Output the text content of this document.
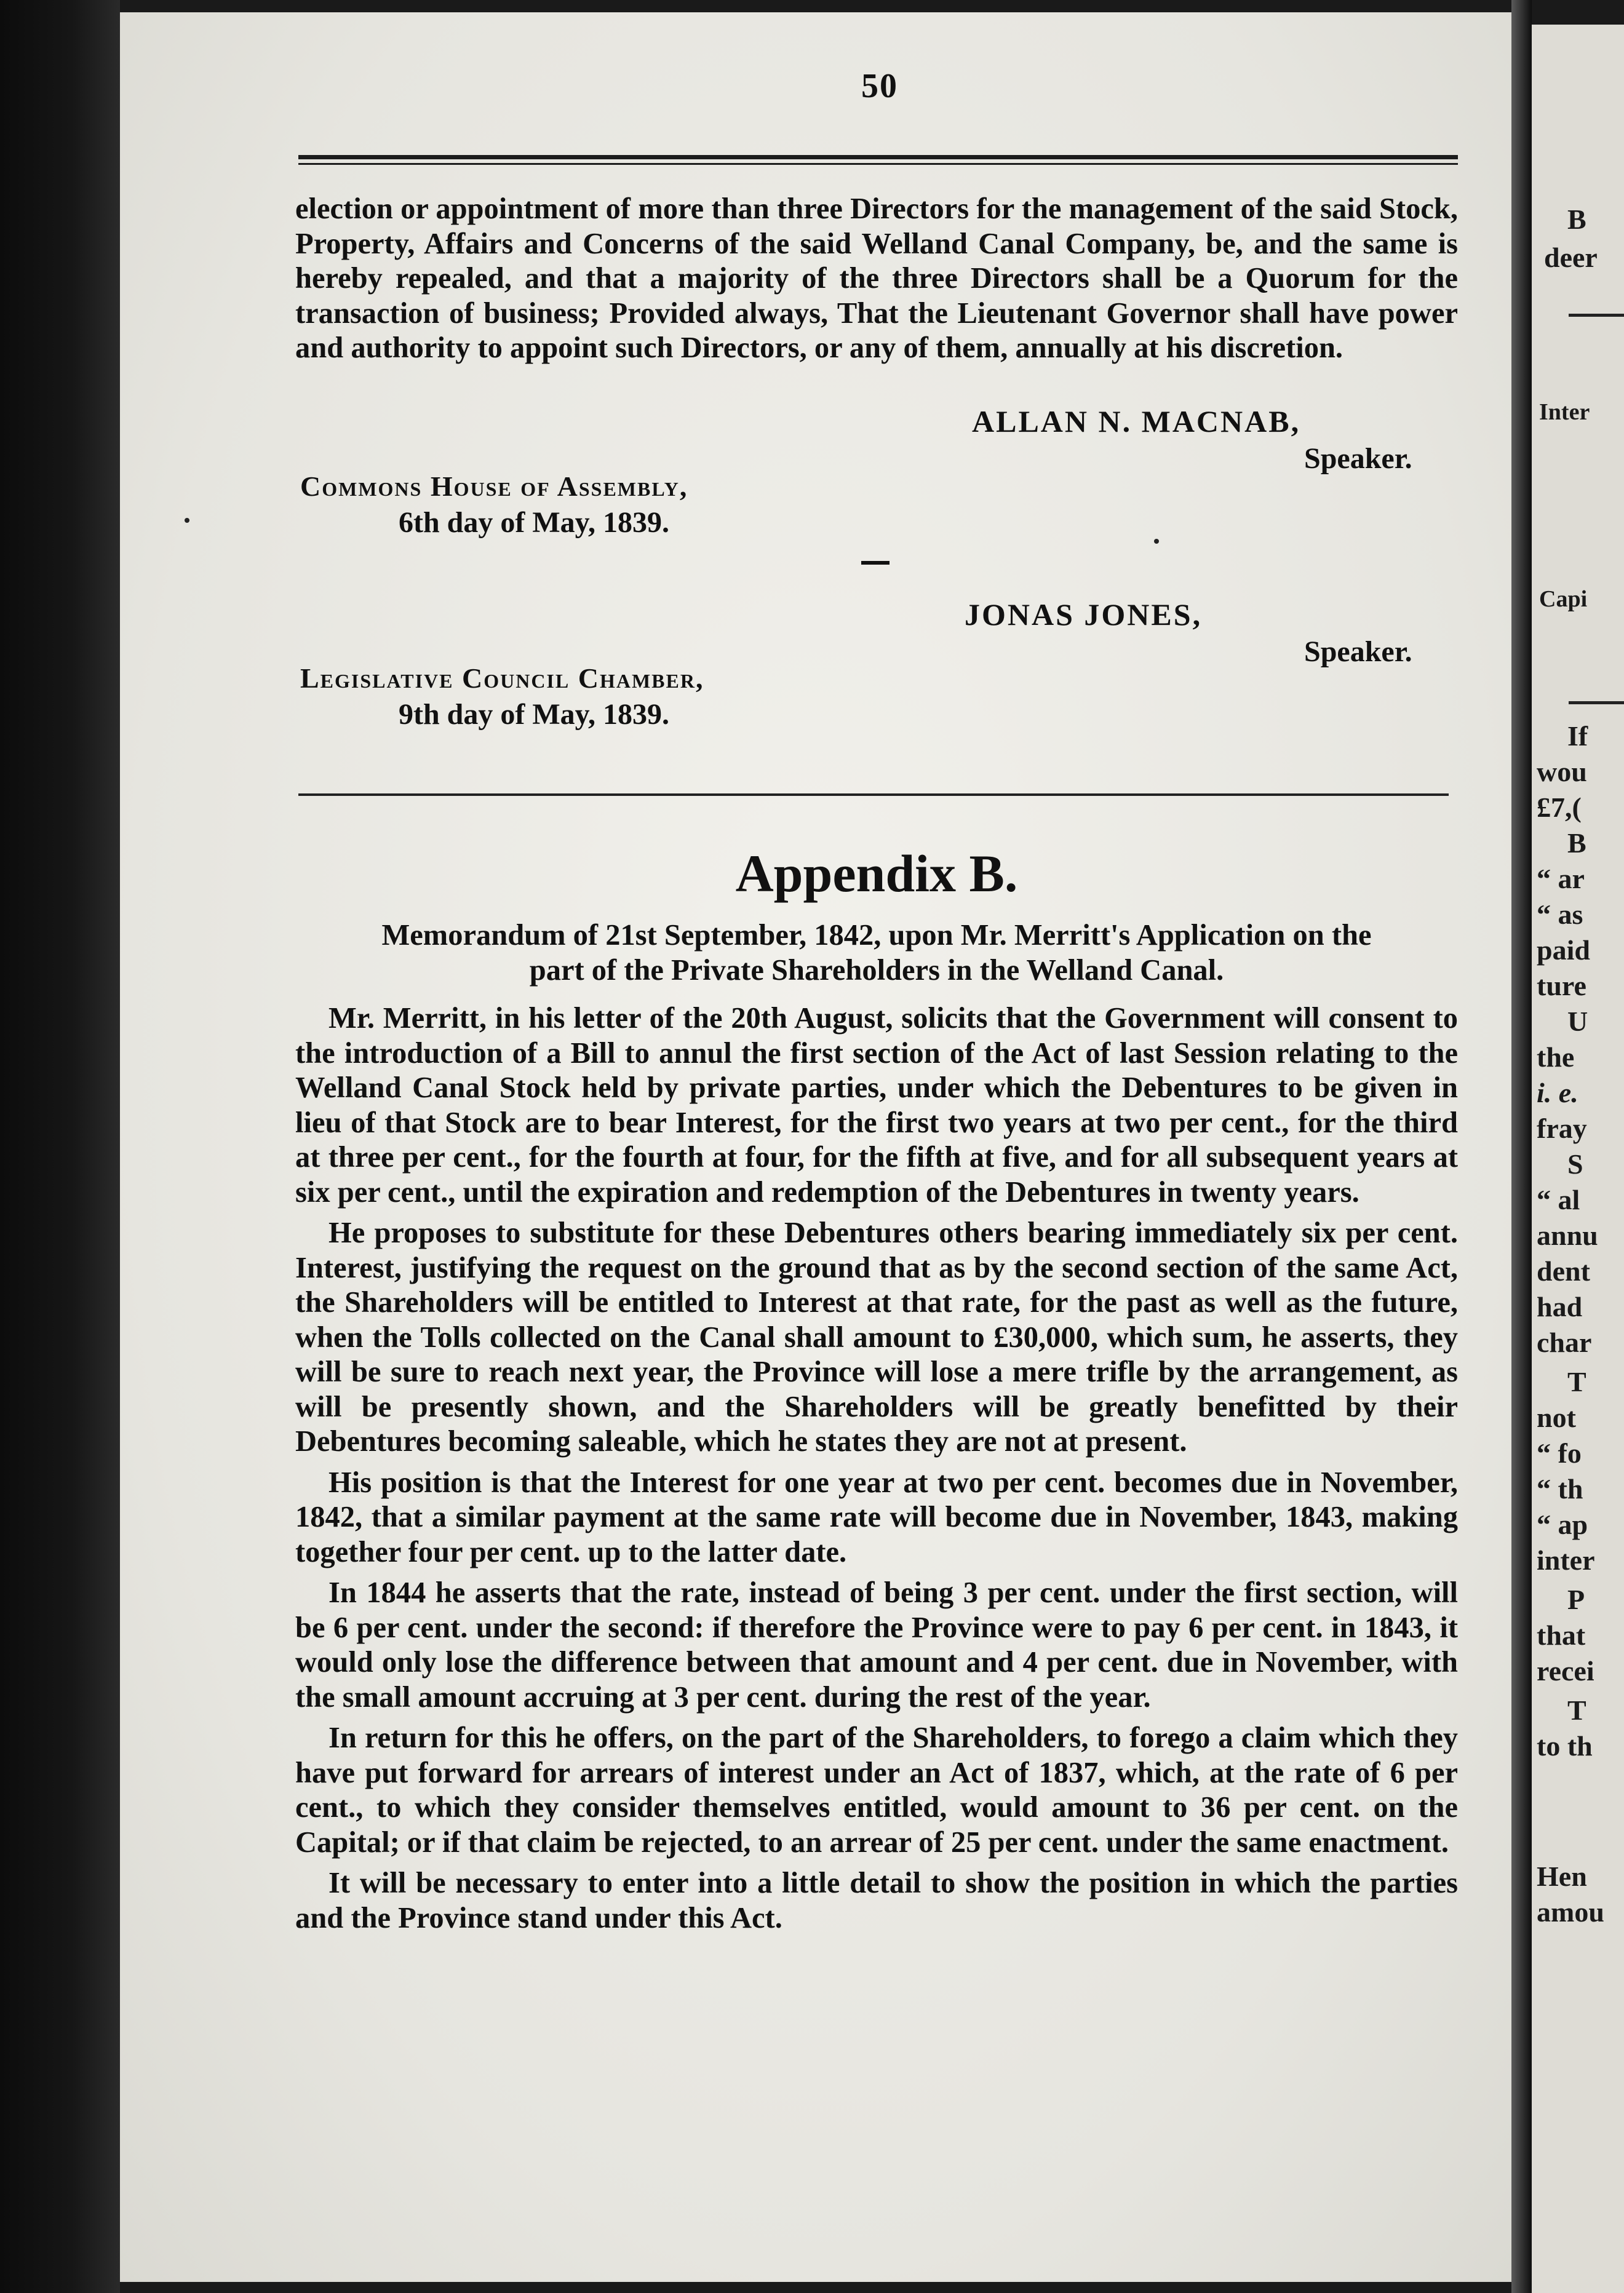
50

election or appointment of more than three Directors for the management of the said Stock, Property, Affairs and Concerns of the said Welland Canal Company, be, and the same is hereby repealed, and that a majority of the three Directors shall be a Quorum for the transaction of business; Provided always, That the Lieutenant Governor shall have power and authority to appoint such Directors, or any of them, annually at his discretion.

ALLAN N. MACNAB,
Speaker.
Commons House of Assembly,
6th day of May, 1839.
JONAS JONES,
Speaker.
Legislative Council Chamber,
9th day of May, 1839.
Appendix B.
Memorandum of 21st September, 1842, upon Mr. Merritt's Application on the
part of the Private Shareholders in the Welland Canal.

Mr. Merritt, in his letter of the 20th August, solicits that the Government will consent to the introduction of a Bill to annul the first section of the Act of last Session relating to the Welland Canal Stock held by private parties, under which the Debentures to be given in lieu of that Stock are to bear Interest, for the first two years at two per cent., for the third at three per cent., for the fourth at four, for the fifth at five, and for all subsequent years at six per cent., until the expiration and redemption of the Debentures in twenty years.

He proposes to substitute for these Debentures others bearing immediately six per cent. Interest, justifying the request on the ground that as by the second section of the same Act, the Shareholders will be entitled to Interest at that rate, for the past as well as the future, when the Tolls collected on the Canal shall amount to £30,000, which sum, he asserts, they will be sure to reach next year, the Province will lose a mere trifle by the arrangement, as will be presently shown, and the Shareholders will be greatly benefitted by their Debentures becoming saleable, which he states they are not at present.

His position is that the Interest for one year at two per cent. becomes due in November, 1842, that a similar payment at the same rate will become due in November, 1843, making together four per cent. up to the latter date.

In 1844 he asserts that the rate, instead of being 3 per cent. under the first section, will be 6 per cent. under the second: if therefore the Province were to pay 6 per cent. in 1843, it would only lose the difference between that amount and 4 per cent. due in November, with the small amount accruing at 3 per cent. during the rest of the year.

In return for this he offers, on the part of the Shareholders, to forego a claim which they have put forward for arrears of interest under an Act of 1837, which, at the rate of 6 per cent., to which they consider themselves entitled, would amount to 36 per cent. on the Capital; or if that claim be rejected, to an arrear of 25 per cent. under the same enactment.

It will be necessary to enter into a little detail to show the position in which the parties and the Province stand under this Act.

B
deer
Inter
Capi
If
wou
£7,(
B
“ ar
“ as
paid
ture
U
the
i. e.
fray
S
“ al
annu
dent
had
char
T
not
“ fo
“ th
“ ap
inter
P
that
recei
T
to th
Hen
amou
